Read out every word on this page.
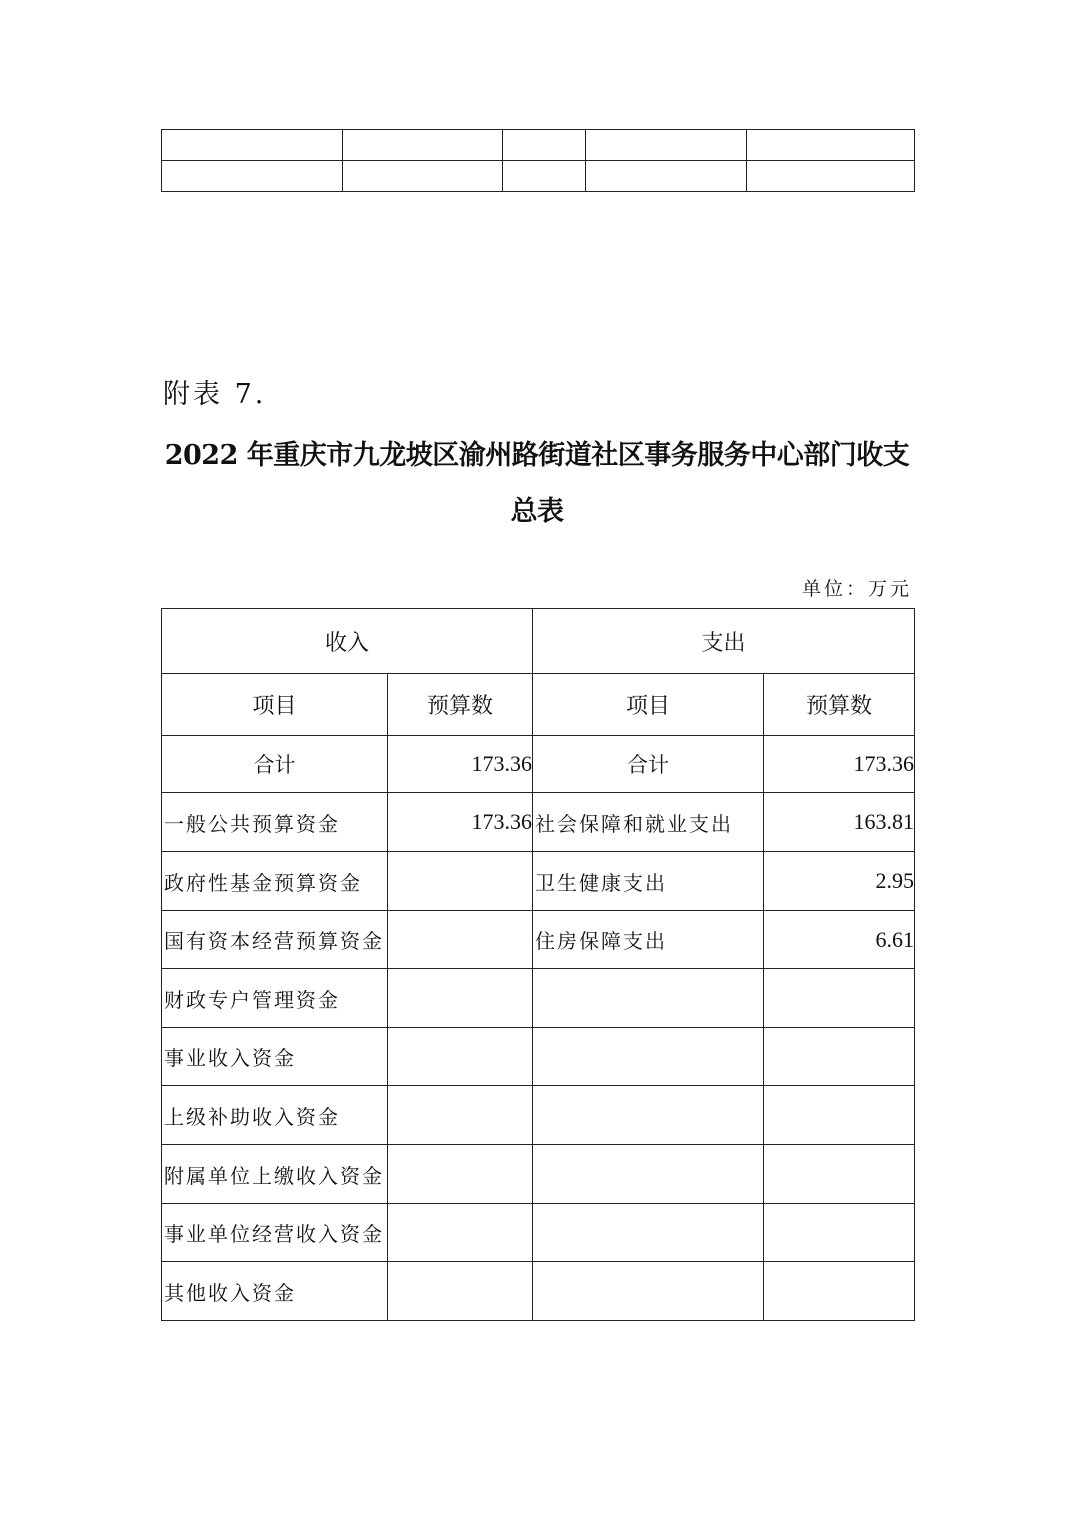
附表 7.
2022 年重庆市九龙坡区渝州路街道社区事务服务中心部门收支
总表
单位：万元
收入		支出	
项目	预算数	项目	预算数
合计	173.36	合计	173.36
一般公共预算资金	173.36	社会保障和就业支出	163.81
政府性基金预算资金		卫生健康支出	2.95
国有资本经营预算资金		住房保障支出	6.61
财政专户管理资金			
事业收入资金			
上级补助收入资金			
附属单位上缴收入资金			
事业单位经营收入资金			
其他收入资金			
